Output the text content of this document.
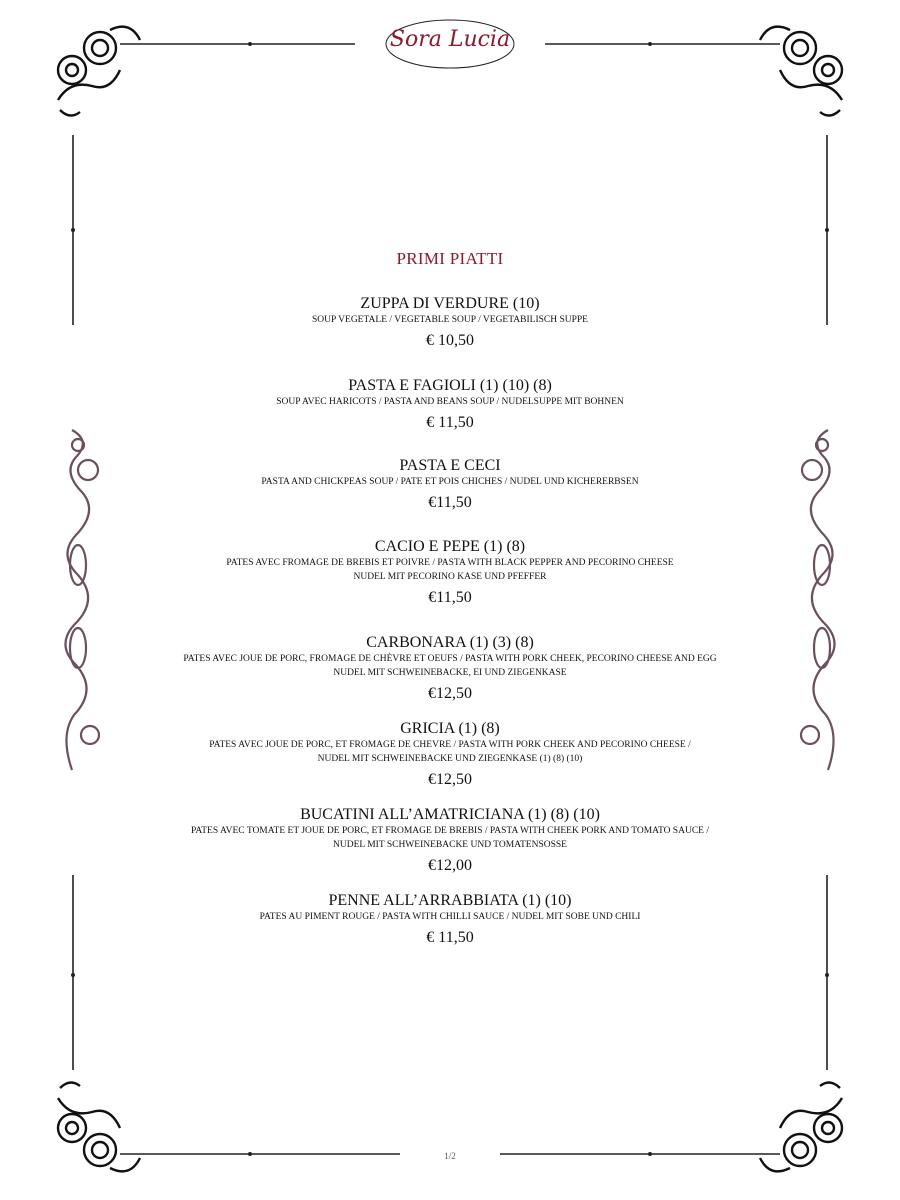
Sora Lucia
PRIMI PIATTI
ZUPPA DI VERDURE (10)
SOUP VEGETALE / VEGETABLE SOUP / VEGETABILISCH SUPPE
€ 10,50
PASTA E FAGIOLI (1) (10) (8)
SOUP AVEC HARICOTS / PASTA AND BEANS SOUP / NUDELSUPPE MIT BOHNEN
€ 11,50
PASTA E CECI
PASTA AND CHICKPEAS SOUP / PATE ET POIS CHICHES / NUDEL UND KICHERERBSEN
€11,50
CACIO E PEPE (1) (8)
PATES AVEC FROMAGE DE BREBIS ET POIVRE / PASTA WITH BLACK PEPPER AND PECORINO CHEESE
NUDEL MIT PECORINO KASE UND PFEFFER
€11,50
CARBONARA (1) (3) (8)
PATES AVEC JOUE DE PORC, FROMAGE DE CHÈVRE ET OEUFS / PASTA WITH PORK CHEEK, PECORINO CHEESE AND EGG
NUDEL MIT SCHWEINEBACKE, EI UND ZIEGENKASE
€12,50
GRICIA (1) (8)
PATES AVEC JOUE DE PORC, ET FROMAGE DE CHEVRE / PASTA WITH PORK CHEEK AND PECORINO CHEESE /
NUDEL MIT SCHWEINEBACKE UND ZIEGENKASE (1) (8) (10)
€12,50
BUCATINI ALL’AMATRICIANA (1) (8) (10)
PATES AVEC TOMATE ET JOUE DE PORC, ET FROMAGE DE BREBIS / PASTA WITH CHEEK PORK AND TOMATO SAUCE /
NUDEL MIT SCHWEINEBACKE UND TOMATENSOSSE
€12,00
PENNE ALL’ARRABBIATA (1) (10)
PATES AU PIMENT ROUGE / PASTA WITH CHILLI SAUCE / NUDEL MIT SOBE UND CHILI
€ 11,50
1/2
